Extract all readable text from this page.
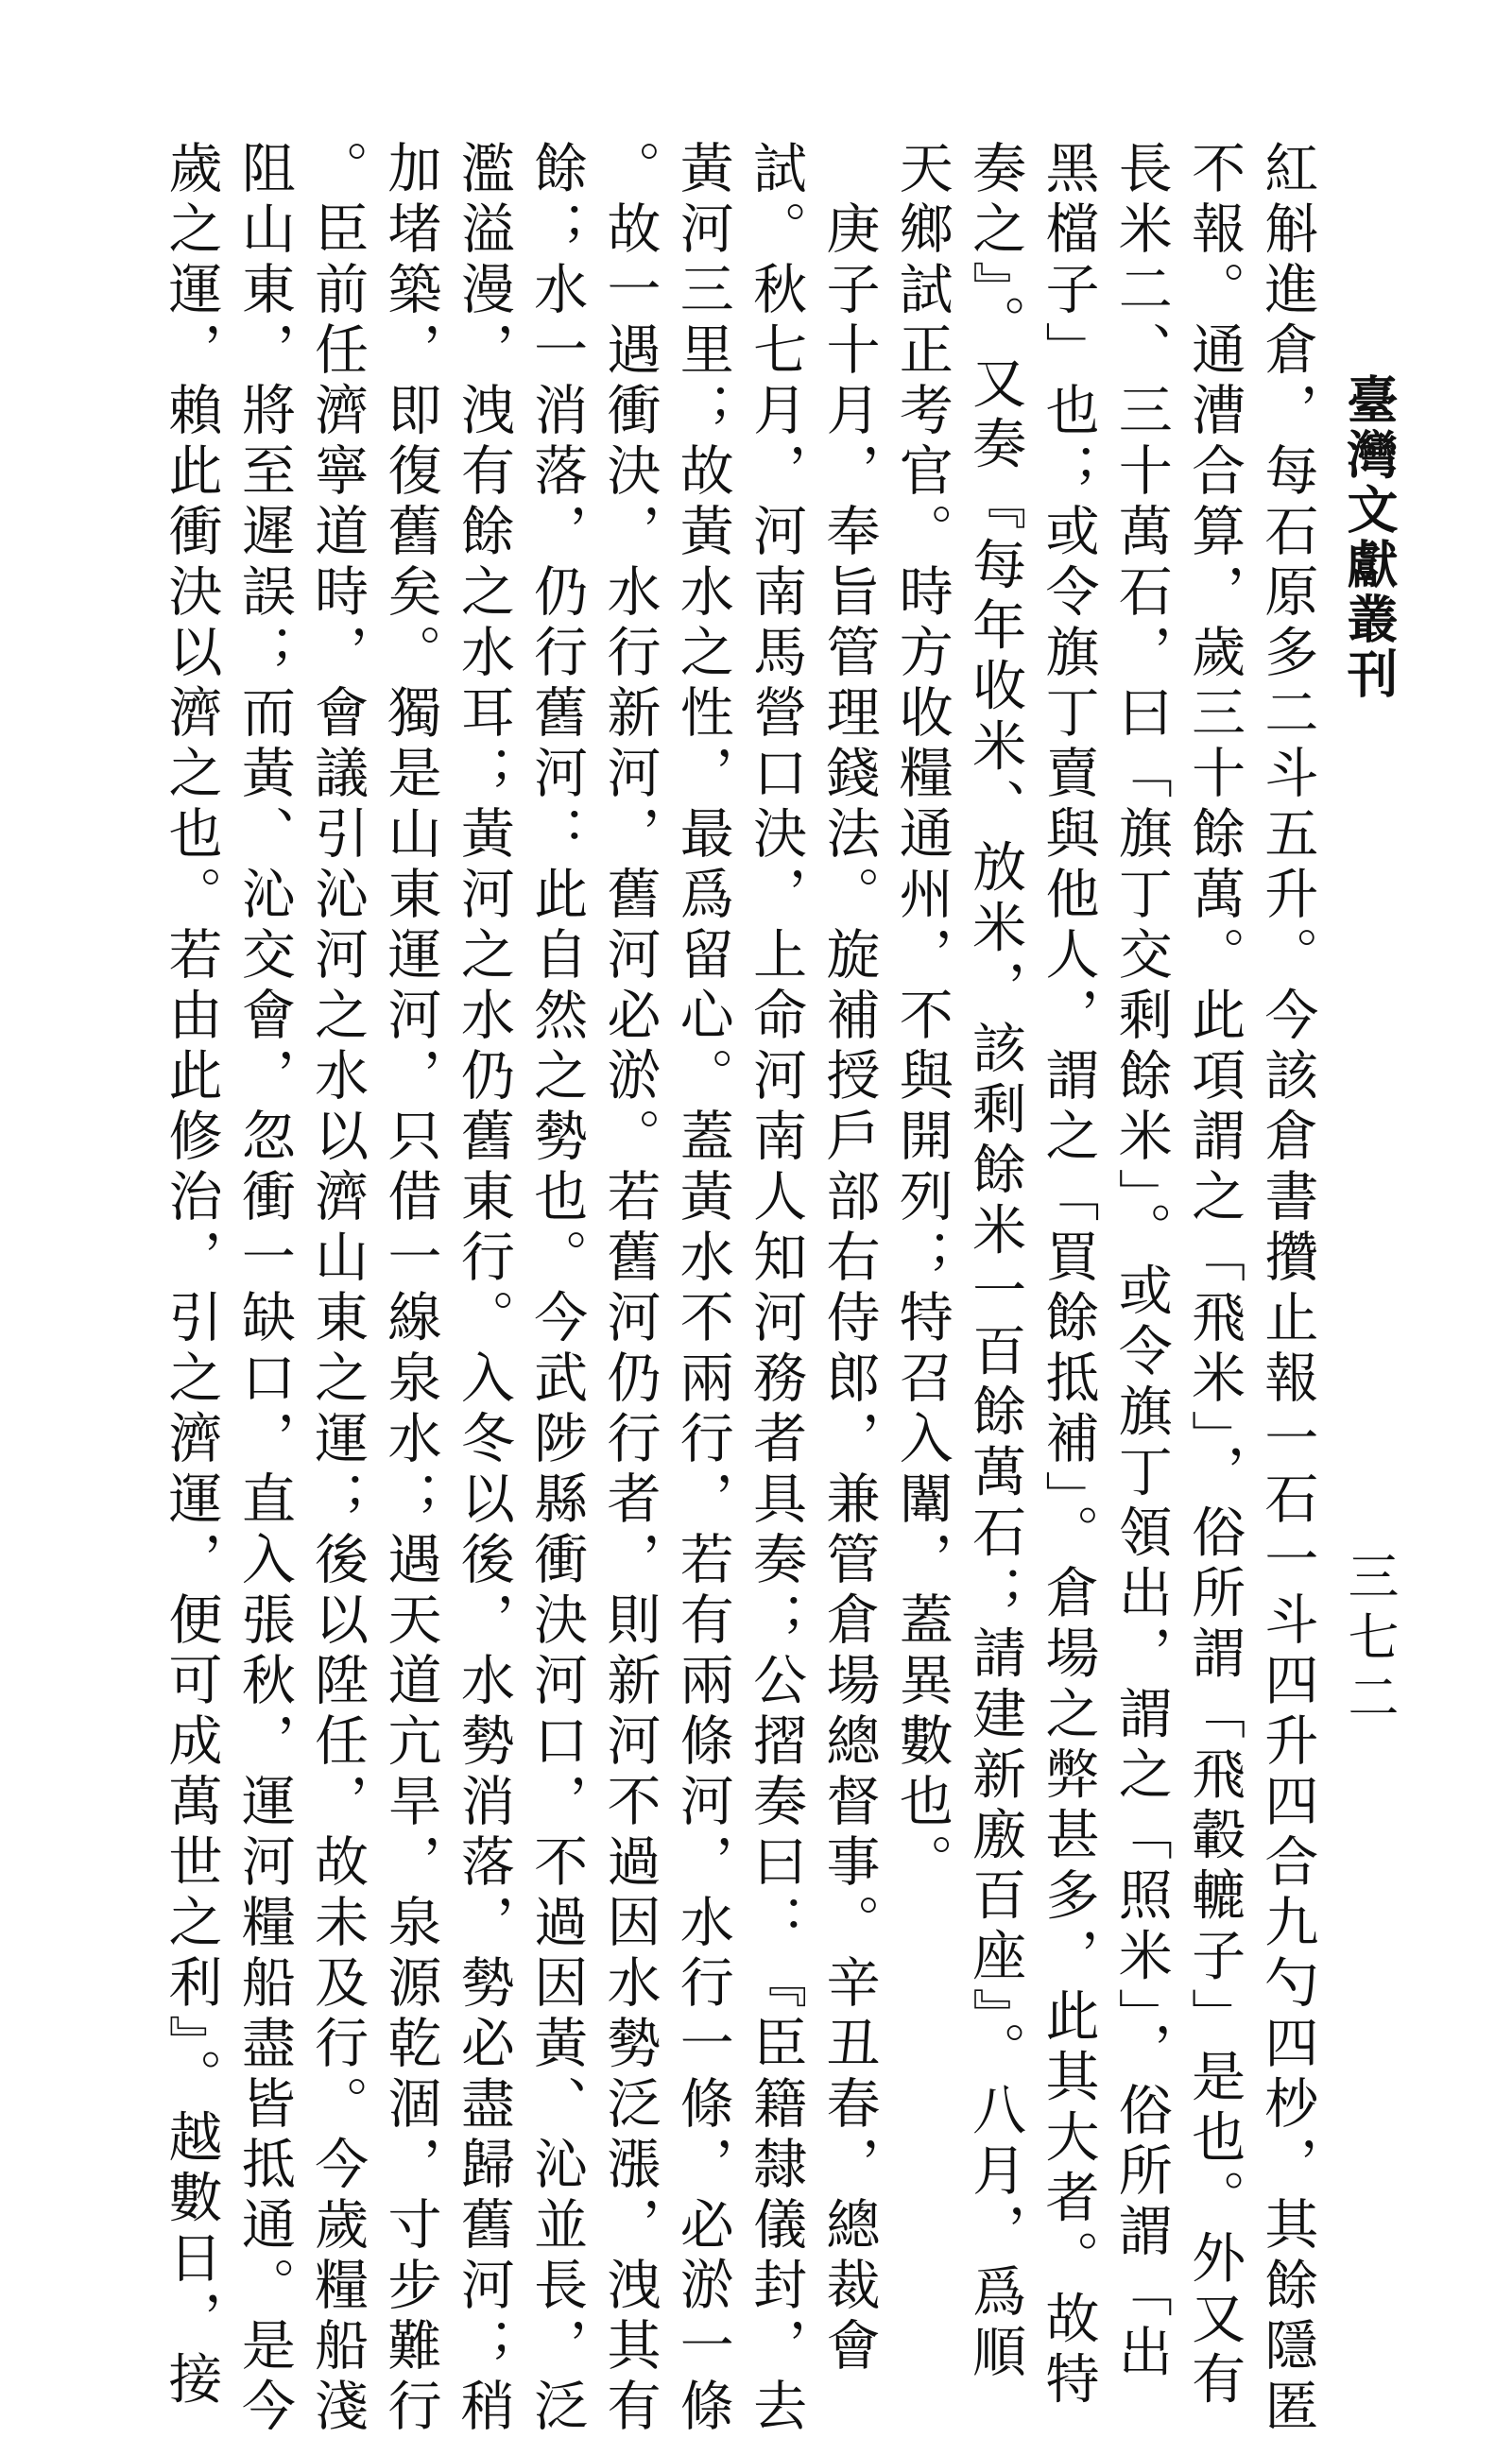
臺灣文獻叢刊
三七二
紅斛進倉，每石原多二斗五升。今該倉書攢止報一石一斗四升四合九勺四杪，其餘隱匿
不報。通漕合算，歲三十餘萬。此項謂之「飛米」，俗所謂「飛轂轆子」是也。外又有
長米二、三十萬石，曰「旗丁交剩餘米」。或令旗丁領出，謂之「照米」，俗所謂「出
黑檔子」也；或令旗丁賣與他人，謂之「買餘抵補」。倉場之弊甚多，此其大者。故特
奏之』。又奏『每年收米、放米，該剩餘米一百餘萬石；請建新廒百座』。八月，爲順
天鄉試正考官。時方收糧通州，不與開列；特召入闈，蓋異數也。
庚子十月，奉旨管理錢法。旋補授戶部右侍郎，兼管倉場總督事。辛丑春，總裁會
試。秋七月，河南馬營口決，上命河南人知河務者具奏；公摺奏曰：『臣籍隸儀封，去
黃河三里；故黃水之性，最爲留心。蓋黃水不兩行，若有兩條河，水行一條，必淤一條
。故一遇衝決，水行新河，舊河必淤。若舊河仍行者，則新河不過因水勢泛漲，洩其有
餘；水一消落，仍行舊河：此自然之勢也。今武陟縣衝決河口，不過因黃、沁並長，泛
濫溢漫，洩有餘之水耳；黃河之水仍舊東行。入冬以後，水勢消落，勢必盡歸舊河；稍
加堵築，即復舊矣。獨是山東運河，只借一線泉水；遇天道亢旱，泉源乾涸，寸步難行
。臣前任濟寧道時，會議引沁河之水以濟山東之運；後以陞任，故未及行。今歲糧船淺
阻山東，將至遲誤；而黃、沁交會，忽衝一缺口，直入張秋，運河糧船盡皆抵通。是今
歲之運，賴此衝決以濟之也。若由此修治，引之濟運，便可成萬世之利』。越數日，接
